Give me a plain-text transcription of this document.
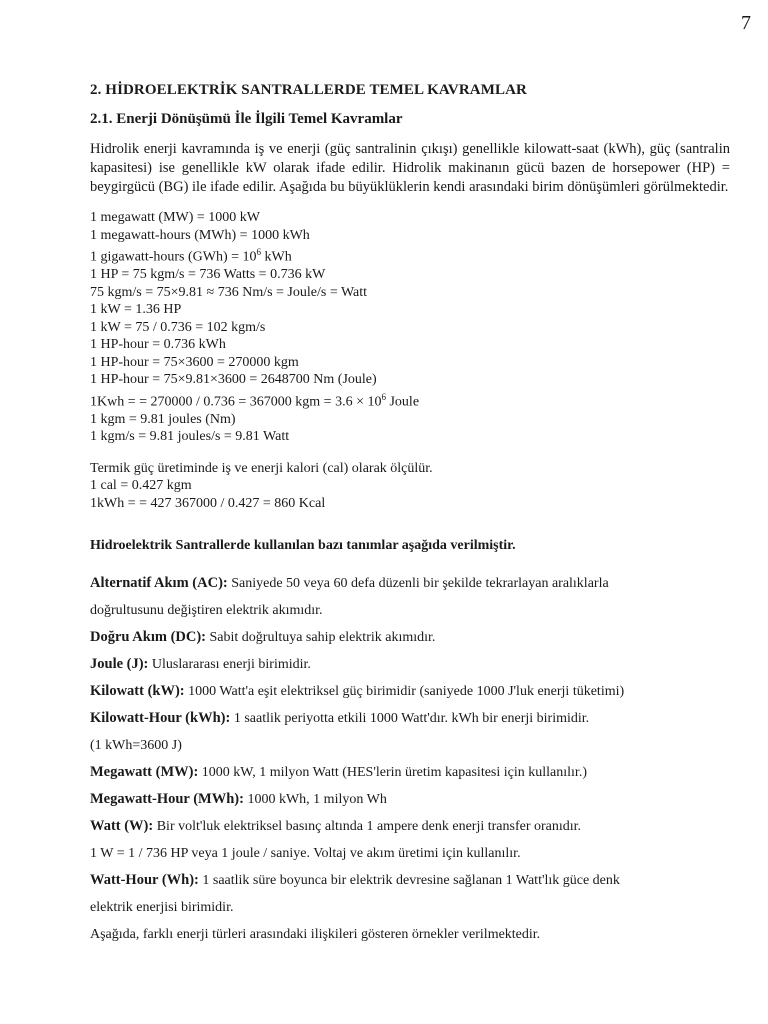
7
2. HİDROELEKTRİK SANTRALLERDE TEMEL KAVRAMLAR
2.1. Enerji Dönüşümü İle İlgili Temel Kavramlar
Hidrolik enerji kavramında iş ve enerji (güç santralinin çıkışı) genellikle kilowatt-saat (kWh), güç (santralin kapasitesi) ise genellikle kW olarak ifade edilir. Hidrolik makinanın gücü bazen de horsepower (HP) = beygirgücü (BG) ile ifade edilir. Aşağıda bu büyüklüklerin kendi arasındaki birim dönüşümleri görülmektedir.
1 megawatt (MW) = 1000 kW
1 megawatt-hours (MWh) = 1000 kWh
1 gigawatt-hours $(GWh) = 10^6$ kWh
1 HP = 75 kgm/s = 736 Watts = 0.736 kW
75 kgm/s = 75×9.81 ≈ 736 Nm/s = Joule/s = Watt
1 kW = 1.36 HP
1 kW = 75 / 0.736 = 102 kgm/s
1 HP-hour = 0.736 kWh
1 HP-hour = 75×3600 = 270000 kgm
1 HP-hour = 75×9.81×3600 = 2648700 Nm (Joule)
1Kwh = = 270000 / 0.736 = 367000 kgm = $3.6 \times 10^6$ Joule
1 kgm = 9.81 joules (Nm)
1 kgm/s = 9.81 joules/s = 9.81 Watt
Termik güç üretiminde iş ve enerji kalori (cal) olarak ölçülür.
1 cal = 0.427 kgm
1kWh = = 427 367000 / 0.427 = 860 Kcal
Hidroelektrik Santrallerde kullanılan bazı tanımlar aşağıda verilmiştir.
Alternatif Akım (AC): Saniyede 50 veya 60 defa düzenli bir şekilde tekrarlayan aralıklarla
doğrultusunu değiştiren elektrik akımıdır.
Doğru Akım (DC): Sabit doğrultuya sahip elektrik akımıdır.
Joule (J): Uluslararası enerji birimidir.
Kilowatt (kW): 1000 Watt'a eşit elektriksel güç birimidir (saniyede 1000 J'luk enerji tüketimi)
Kilowatt-Hour (kWh): 1 saatlik periyotta etkili 1000 Watt'dır. kWh bir enerji birimidir.
(1 kWh=3600 J)
Megawatt (MW): 1000 kW, 1 milyon Watt (HES'lerin üretim kapasitesi için kullanılır.)
Megawatt-Hour (MWh): 1000 kWh, 1 milyon Wh
Watt (W): Bir volt'luk elektriksel basınç altında 1 ampere denk enerji transfer oranıdır.
1 W = 1 / 736 HP veya 1 joule / saniye. Voltaj ve akım üretimi için kullanılır.
Watt-Hour (Wh): 1 saatlik süre boyunca bir elektrik devresine sağlanan 1 Watt'lık güce denk
elektrik enerjisi birimidir.
Aşağıda, farklı enerji türleri arasındaki ilişkileri gösteren örnekler verilmektedir.
